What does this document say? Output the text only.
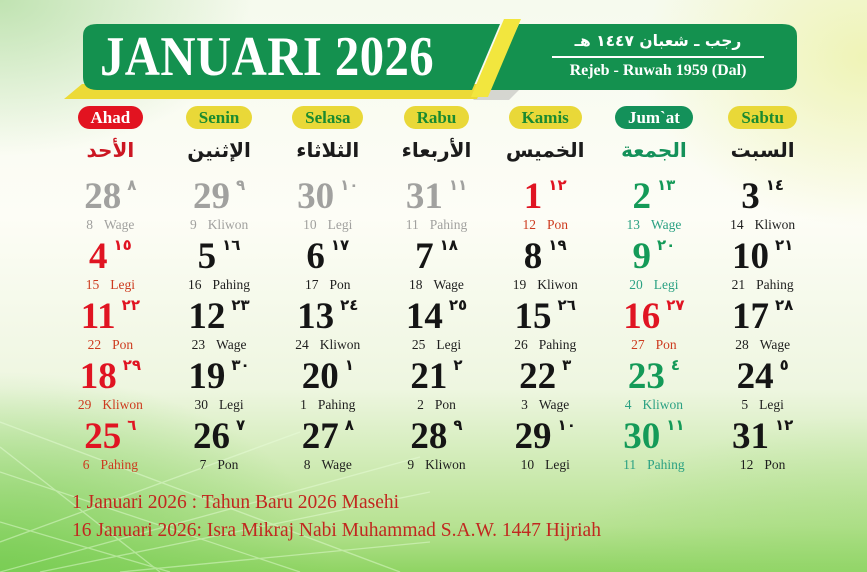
JANUARI 2026	رجب ـ شعبان ١٤٤٧ هـ
Rejeb - Ruwah 1959 (Dal)
Ahad
الأحد
Senin
الإثنين
Selasa
الثلاثاء
Rabu
الأربعاء
Kamis
الخميس
Jum`at
الجمعة
Sabtu
السبت
28 ٨
8 Wage
29 ٩
9 Kliwon
30 ١٠
10 Legi
31 ١١
11 Pahing
1 ١٢
12 Pon
2 ١٣
13 Wage
3 ١٤
14 Kliwon
4 ١٥
15 Legi
5 ١٦
16 Pahing
6 ١٧
17 Pon
7 ١٨
18 Wage
8 ١٩
19 Kliwon
9 ٢٠
20 Legi
10 ٢١
21 Pahing
11 ٢٢
22 Pon
12 ٢٣
23 Wage
13 ٢٤
24 Kliwon
14 ٢٥
25 Legi
15 ٢٦
26 Pahing
16 ٢٧
27 Pon
17 ٢٨
28 Wage
18 ٢٩
29 Kliwon
19 ٣٠
30 Legi
20 ١
1 Pahing
21 ٢
2 Pon
22 ٣
3 Wage
23 ٤
4 Kliwon
24 ٥
5 Legi
25 ٦
6 Pahing
26 ٧
7 Pon
27 ٨
8 Wage
28 ٩
9 Kliwon
29 ١٠
10 Legi
30 ١١
11 Pahing
31 ١٢
12 Pon
1 Januari 2026 : Tahun Baru 2026 Masehi
16 Januari 2026: Isra Mikraj Nabi Muhammad S.A.W. 1447 Hijriah
